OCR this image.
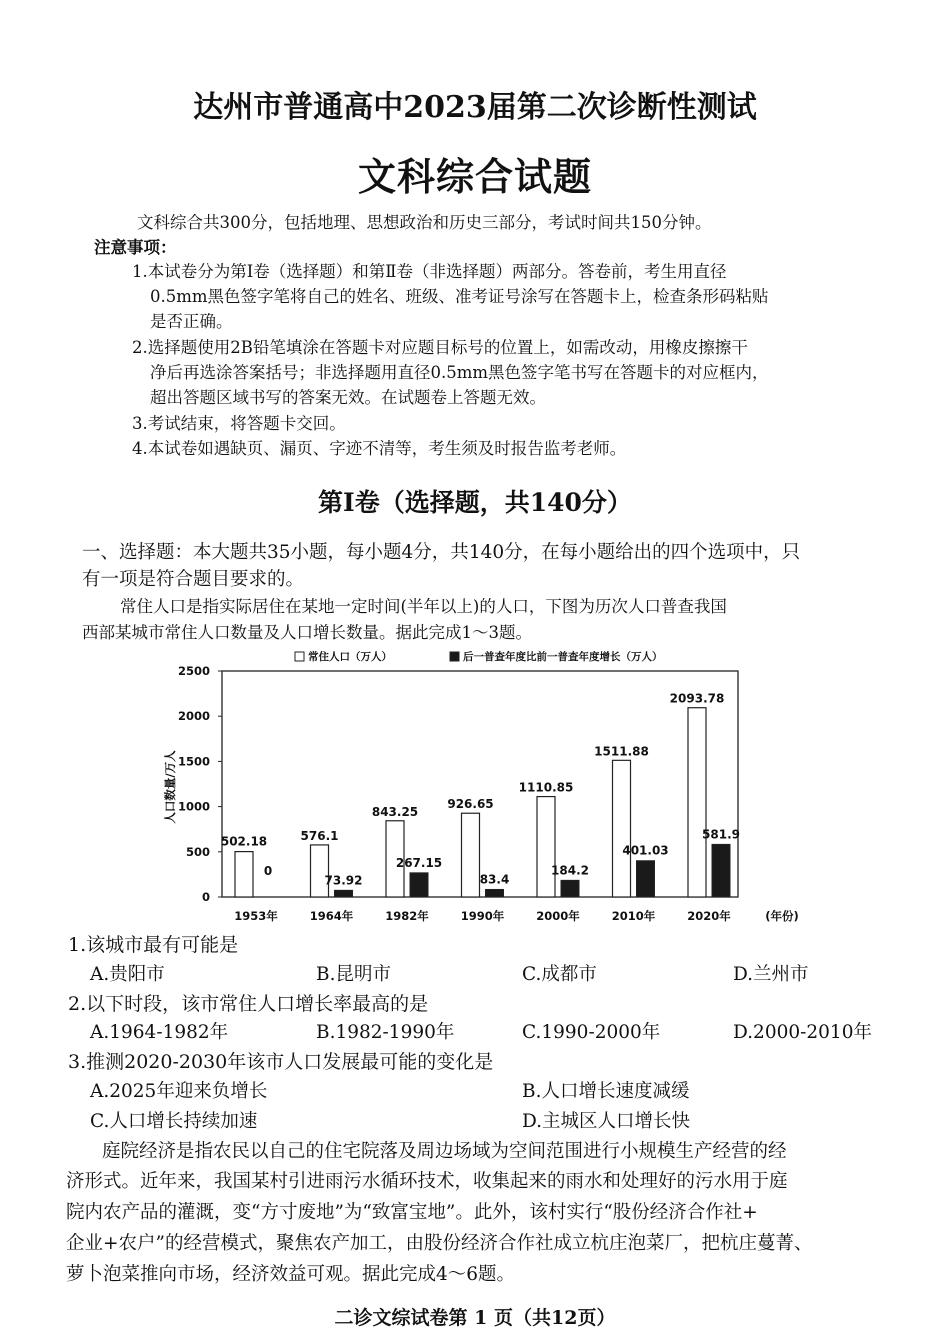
达州市普通高中2023届第二次诊断性测试
文科综合试题
文科综合共300分，包括地理、思想政治和历史三部分，考试时间共150分钟。
注意事项：
1.本试卷分为第Ⅰ卷（选择题）和第Ⅱ卷（非选择题）两部分。答卷前，考生用直径
0.5mm黑色签字笔将自己的姓名、班级、准考证号涂写在答题卡上，检查条形码粘贴
是否正确。
2.选择题使用2B铅笔填涂在答题卡对应题目标号的位置上，如需改动，用橡皮擦擦干
净后再选涂答案括号；非选择题用直径0.5mm黑色签字笔书写在答题卡的对应框内，
超出答题区域书写的答案无效。在试题卷上答题无效。
3.考试结束，将答题卡交回。
4.本试卷如遇缺页、漏页、字迹不清等，考生须及时报告监考老师。
第Ⅰ卷（选择题，共140分）
一、选择题：本大题共35小题，每小题4分，共140分，在每小题给出的四个选项中，只
有一项是符合题目要求的。
常住人口是指实际居住在某地一定时间(半年以上)的人口，下图为历次人口普查我国
西部某城市常住人口数量及人口增长数量。据此完成1～3题。
常住人口（万人）	后一普查年度比前一普查年度增长（万人）
人口数量/万人
(年份)
0
500
1000
1500
2000
2500
502.18
0
1953年
576.1
73.92
1964年
843.25
267.15
1982年
926.65
83.4
1990年
1110.85
184.2
2000年
1511.88
401.03
2010年
2093.78
581.9
2020年
1.该城市最有可能是
A.贵阳市	B.昆明市	C.成都市	D.兰州市
2.以下时段，该市常住人口增长率最高的是
A.1964-1982年	B.1982-1990年	C.1990-2000年	D.2000-2010年
3.推测2020-2030年该市人口发展最可能的变化是
A.2025年迎来负增长	B.人口增长速度减缓
C.人口增长持续加速	D.主城区人口增长快
庭院经济是指农民以自己的住宅院落及周边场域为空间范围进行小规模生产经营的经
济形式。近年来，我国某村引进雨污水循环技术，收集起来的雨水和处理好的污水用于庭
院内农产品的灌溉，变“方寸废地”为“致富宝地”。此外，该村实行“股份经济合作社+
企业+农户”的经营模式，聚焦农产加工，由股份经济合作社成立杭庄泡菜厂，把杭庄蔓菁、
萝卜泡菜推向市场，经济效益可观。据此完成4～6题。
二诊文综试卷第 1 页（共12页）
